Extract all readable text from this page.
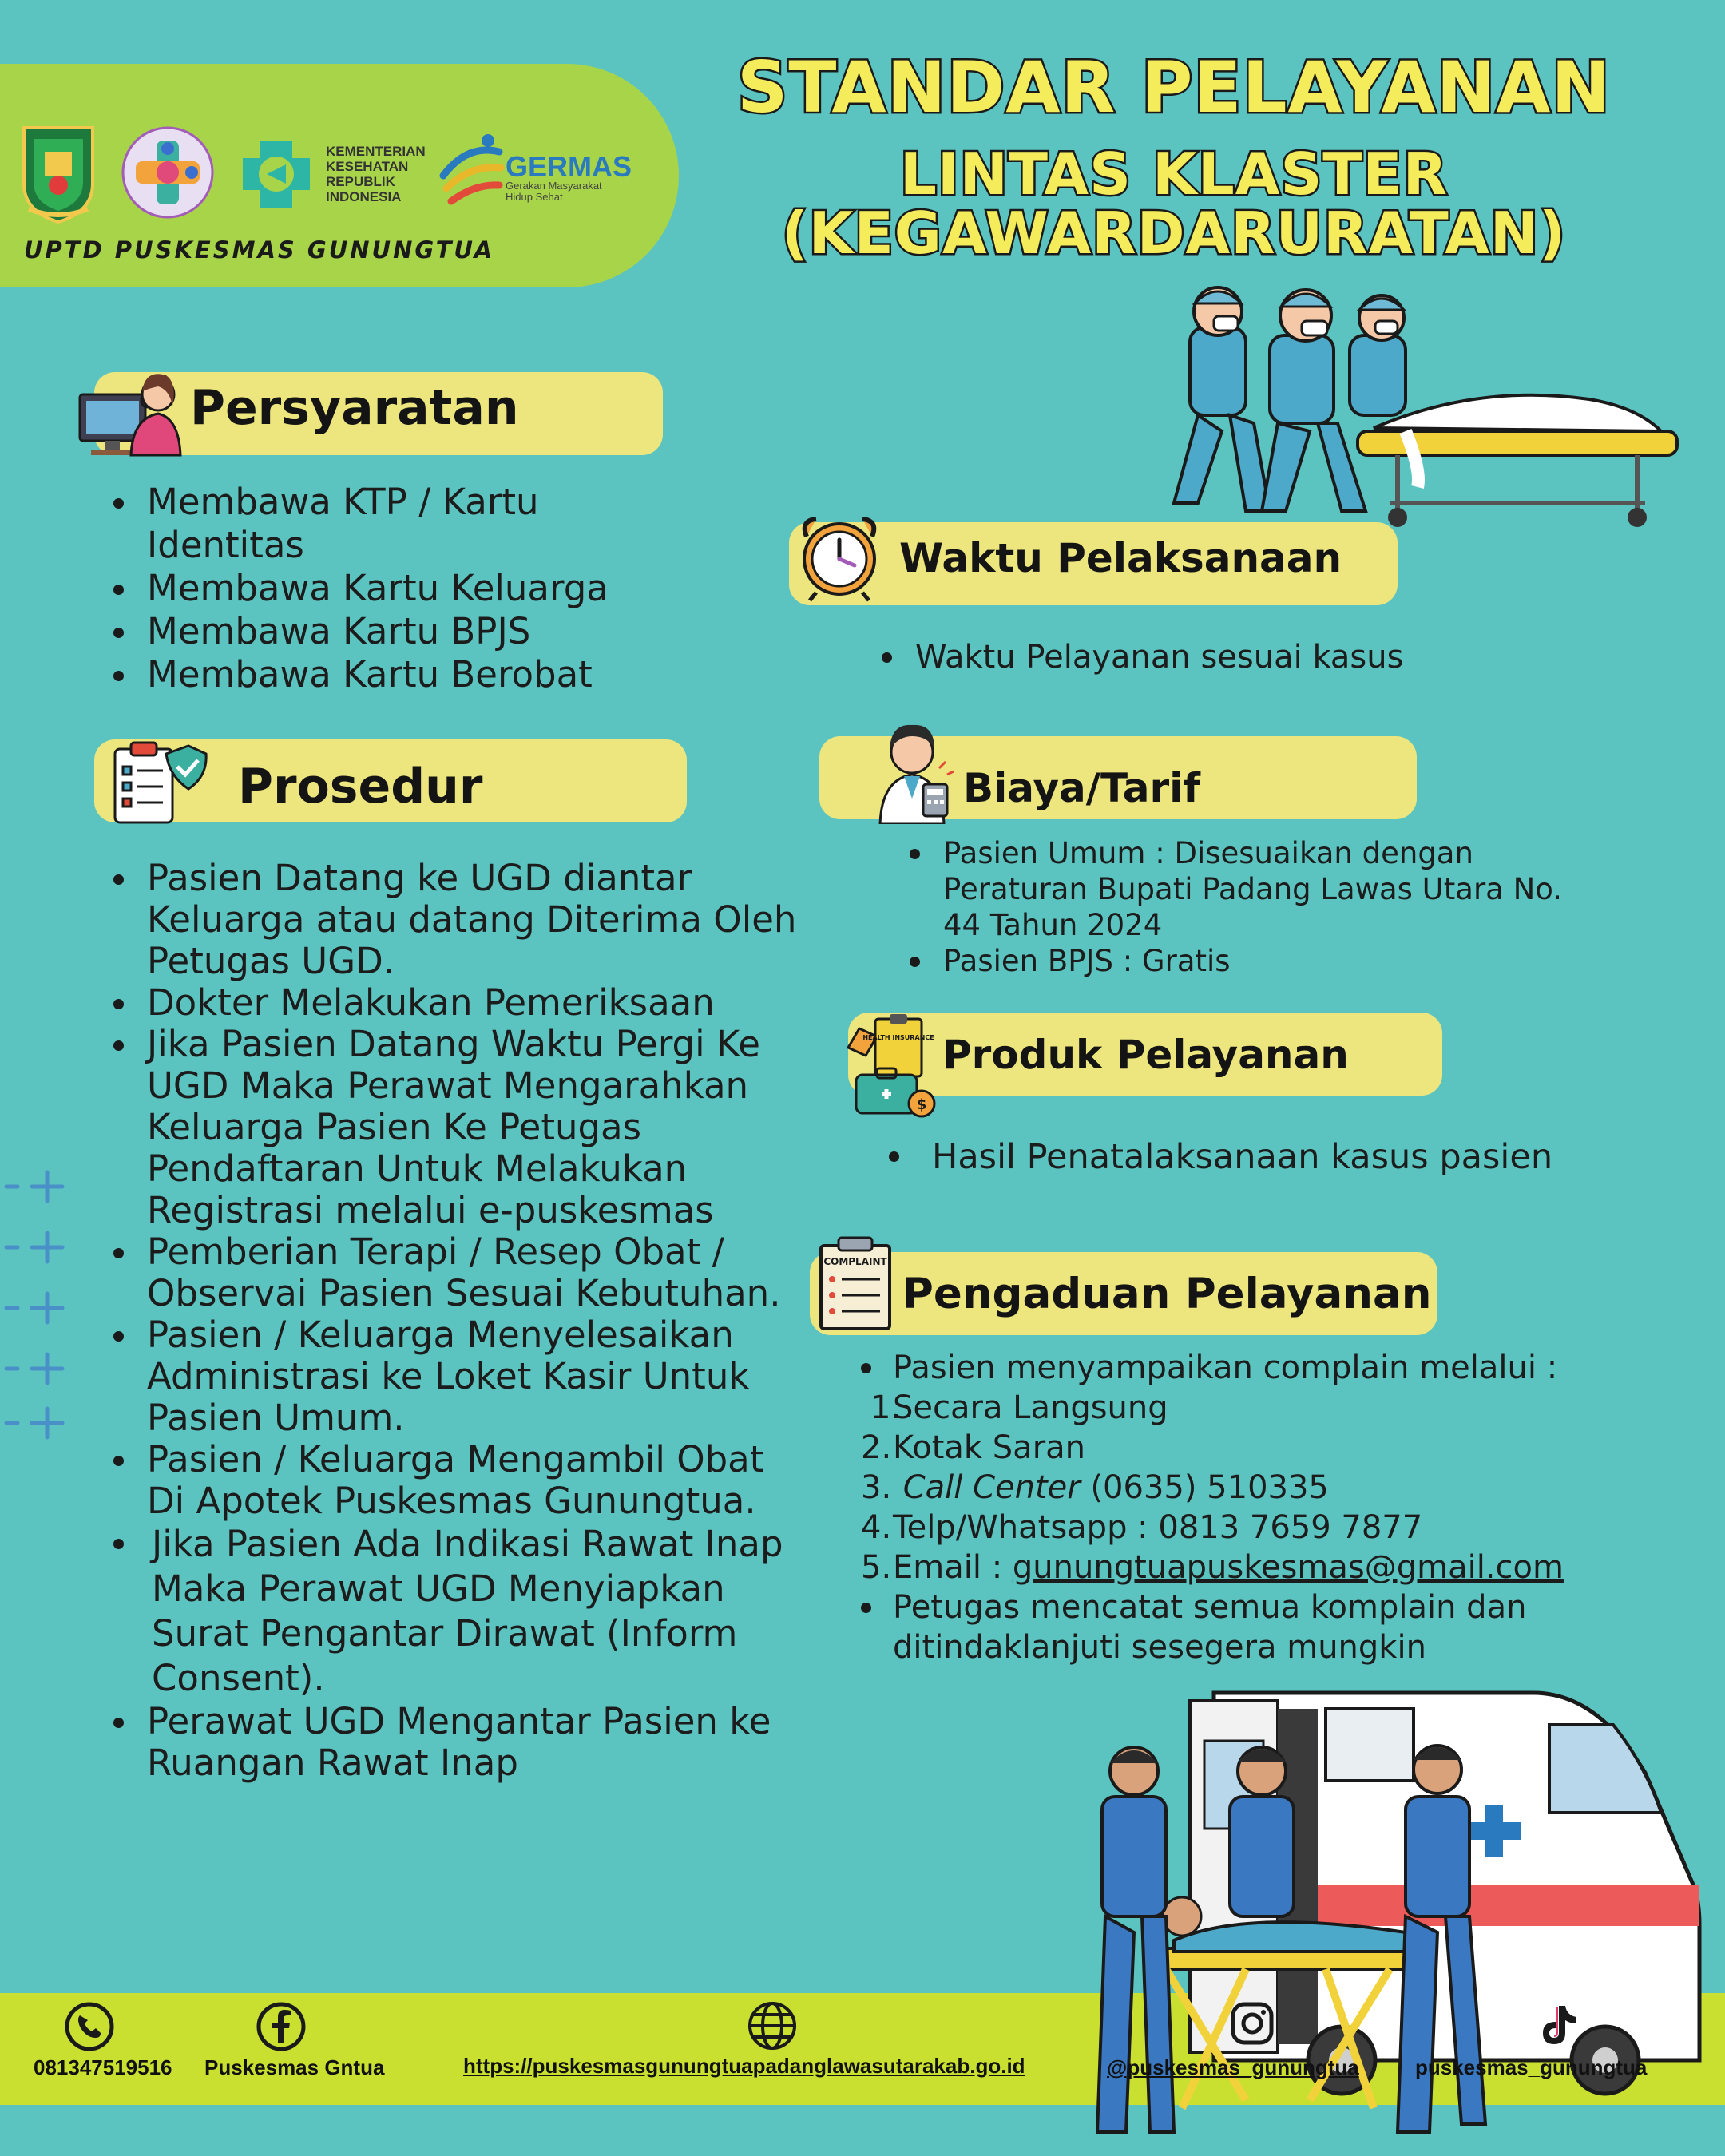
KEMENTERIAN
KESEHATAN
REPUBLIK
INDONESIA
GERMAS
Gerakan Masyarakat Hidup Sehat
UPTD PUSKESMAS GUNUNGTUA
STANDAR PELAYANAN
LINTAS KLASTER
(KEGAWARDARURATAN)
Persyaratan
Membawa KTP / Kartu Identitas
Membawa Kartu Keluarga
Membawa Kartu BPJS
Membawa Kartu Berobat
Prosedur
Pasien Datang ke UGD diantar Keluarga atau datang Diterima Oleh Petugas UGD.
Dokter Melakukan Pemeriksaan
Jika Pasien Datang Waktu Pergi Ke UGD Maka Perawat Mengarahkan Keluarga Pasien Ke Petugas Pendaftaran Untuk Melakukan Registrasi melalui e-puskesmas
Pemberian Terapi / Resep Obat / Observai Pasien Sesuai Kebutuhan.
Pasien / Keluarga Menyelesaikan Administrasi ke Loket Kasir Untuk Pasien Umum.
Pasien / Keluarga Mengambil Obat Di Apotek Puskesmas Gunungtua.
Jika Pasien Ada Indikasi Rawat Inap Maka Perawat UGD Menyiapkan Surat Pengantar Dirawat (Inform Consent).
Perawat UGD Mengantar Pasien ke Ruangan Rawat Inap
Waktu Pelaksanaan
Waktu Pelayanan sesuai kasus
Biaya/Tarif
Pasien Umum : Disesuaikan dengan Peraturan Bupati Padang Lawas Utara No. 44 Tahun 2024
Pasien BPJS : Gratis
HEALTH INSURANCE
$
Produk Pelayanan
Hasil Penatalaksanaan kasus pasien
COMPLAINT
Pengaduan Pelayanan
Pasien menyampaikan complain melalui :
1.
Secara Langsung
2. Kotak Saran
3. Call Center (0635) 510335
4. Telp/Whatsapp : 0813 7659 7877
5. Email : gunungtuapuskesmas@gmail.com
Petugas mencatat semua komplain dan ditindaklanjuti sesegera mungkin
081347519516 Puskesmas Gntua	https://puskesmasgunungtuapadanglawasutarakab.go.id	@puskesmas_gunungtua	puskesmas_gunungtua
